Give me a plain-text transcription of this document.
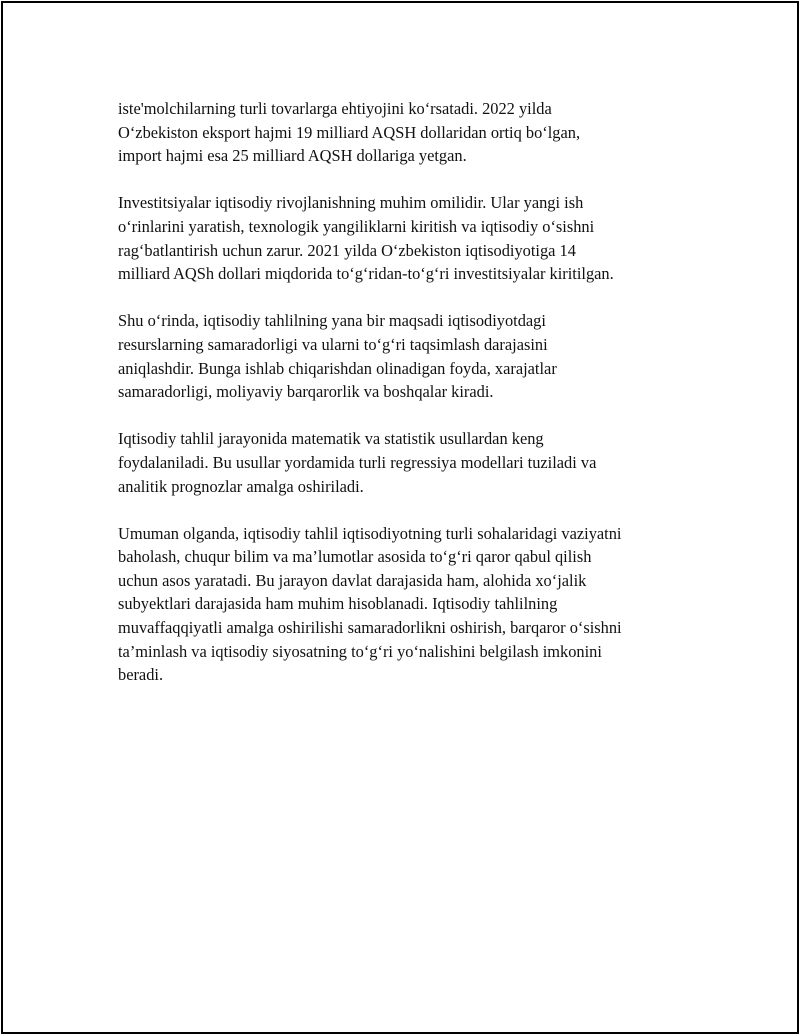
iste'molchilarning turli tovarlarga ehtiyojini ko‘rsatadi. 2022 yilda
O‘zbekiston eksport hajmi 19 milliard AQSH dollaridan ortiq bo‘lgan,
import hajmi esa 25 milliard AQSH dollariga yetgan.

Investitsiyalar iqtisodiy rivojlanishning muhim omilidir. Ular yangi ish
o‘rinlarini yaratish, texnologik yangiliklarni kiritish va iqtisodiy o‘sishni
rag‘batlantirish uchun zarur. 2021 yilda O‘zbekiston iqtisodiyotiga 14
milliard AQSh dollari miqdorida to‘g‘ridan-to‘g‘ri investitsiyalar kiritilgan.

Shu o‘rinda, iqtisodiy tahlilning yana bir maqsadi iqtisodiyotdagi
resurslarning samaradorligi va ularni to‘g‘ri taqsimlash darajasini
aniqlashdir. Bunga ishlab chiqarishdan olinadigan foyda, xarajatlar
samaradorligi, moliyaviy barqarorlik va boshqalar kiradi.

Iqtisodiy tahlil jarayonida matematik va statistik usullardan keng
foydalaniladi. Bu usullar yordamida turli regressiya modellari tuziladi va
analitik prognozlar amalga oshiriladi.

Umuman olganda, iqtisodiy tahlil iqtisodiyotning turli sohalaridagi vaziyatni
baholash, chuqur bilim va ma’lumotlar asosida to‘g‘ri qaror qabul qilish
uchun asos yaratadi. Bu jarayon davlat darajasida ham, alohida xo‘jalik
subyektlari darajasida ham muhim hisoblanadi. Iqtisodiy tahlilning
muvaffaqqiyatli amalga oshirilishi samaradorlikni oshirish, barqaror o‘sishni
ta’minlash va iqtisodiy siyosatning to‘g‘ri yo‘nalishini belgilash imkonini
beradi.
